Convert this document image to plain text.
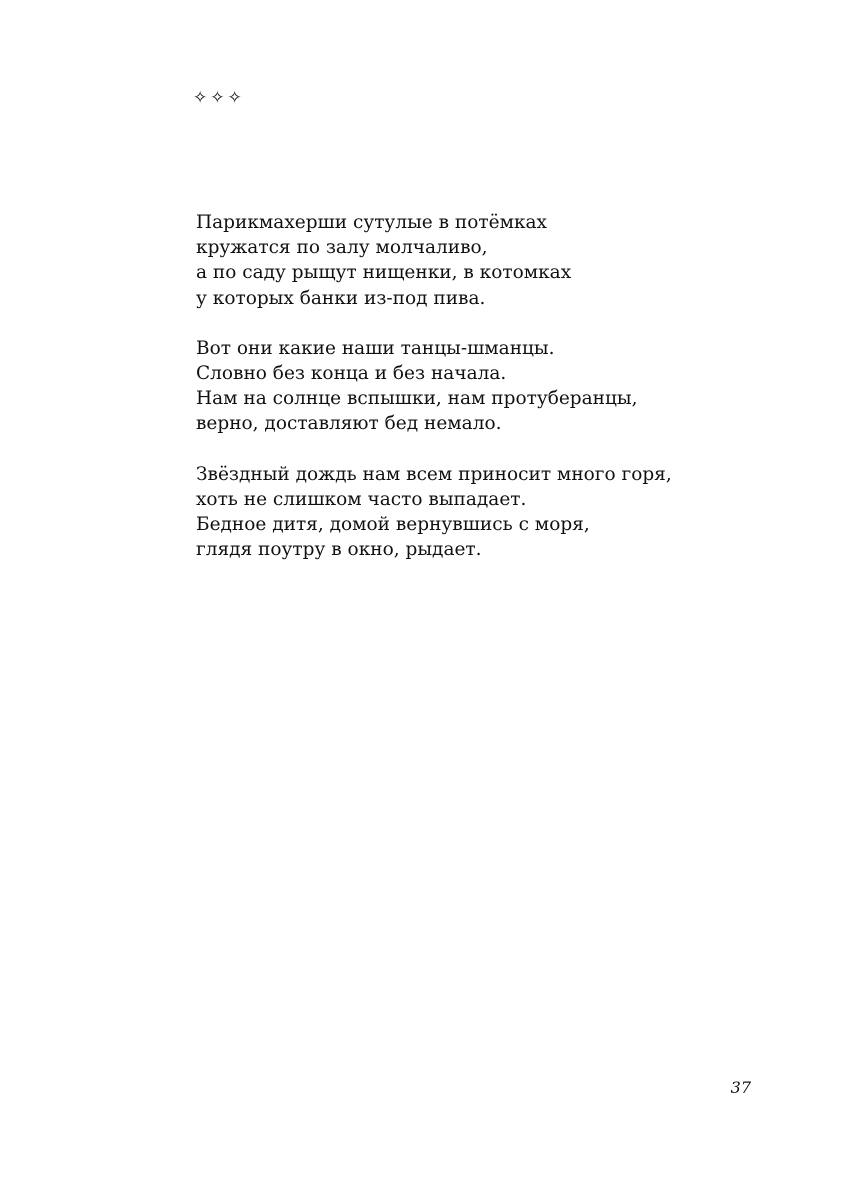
✧✧✧
Парикмахерши сутулые в потёмках
кружатся по залу молчаливо,
а по саду рыщут нищенки, в котомках
у которых банки из-под пива.
Вот они какие наши танцы-шманцы.
Словно без конца и без начала.
Нам на солнце вспышки, нам протуберанцы,
верно, доставляют бед немало.
Звёздный дождь нам всем приносит много горя,
хоть не слишком часто выпадает.
Бедное дитя, домой вернувшись с моря,
глядя поутру в окно, рыдает.
37
